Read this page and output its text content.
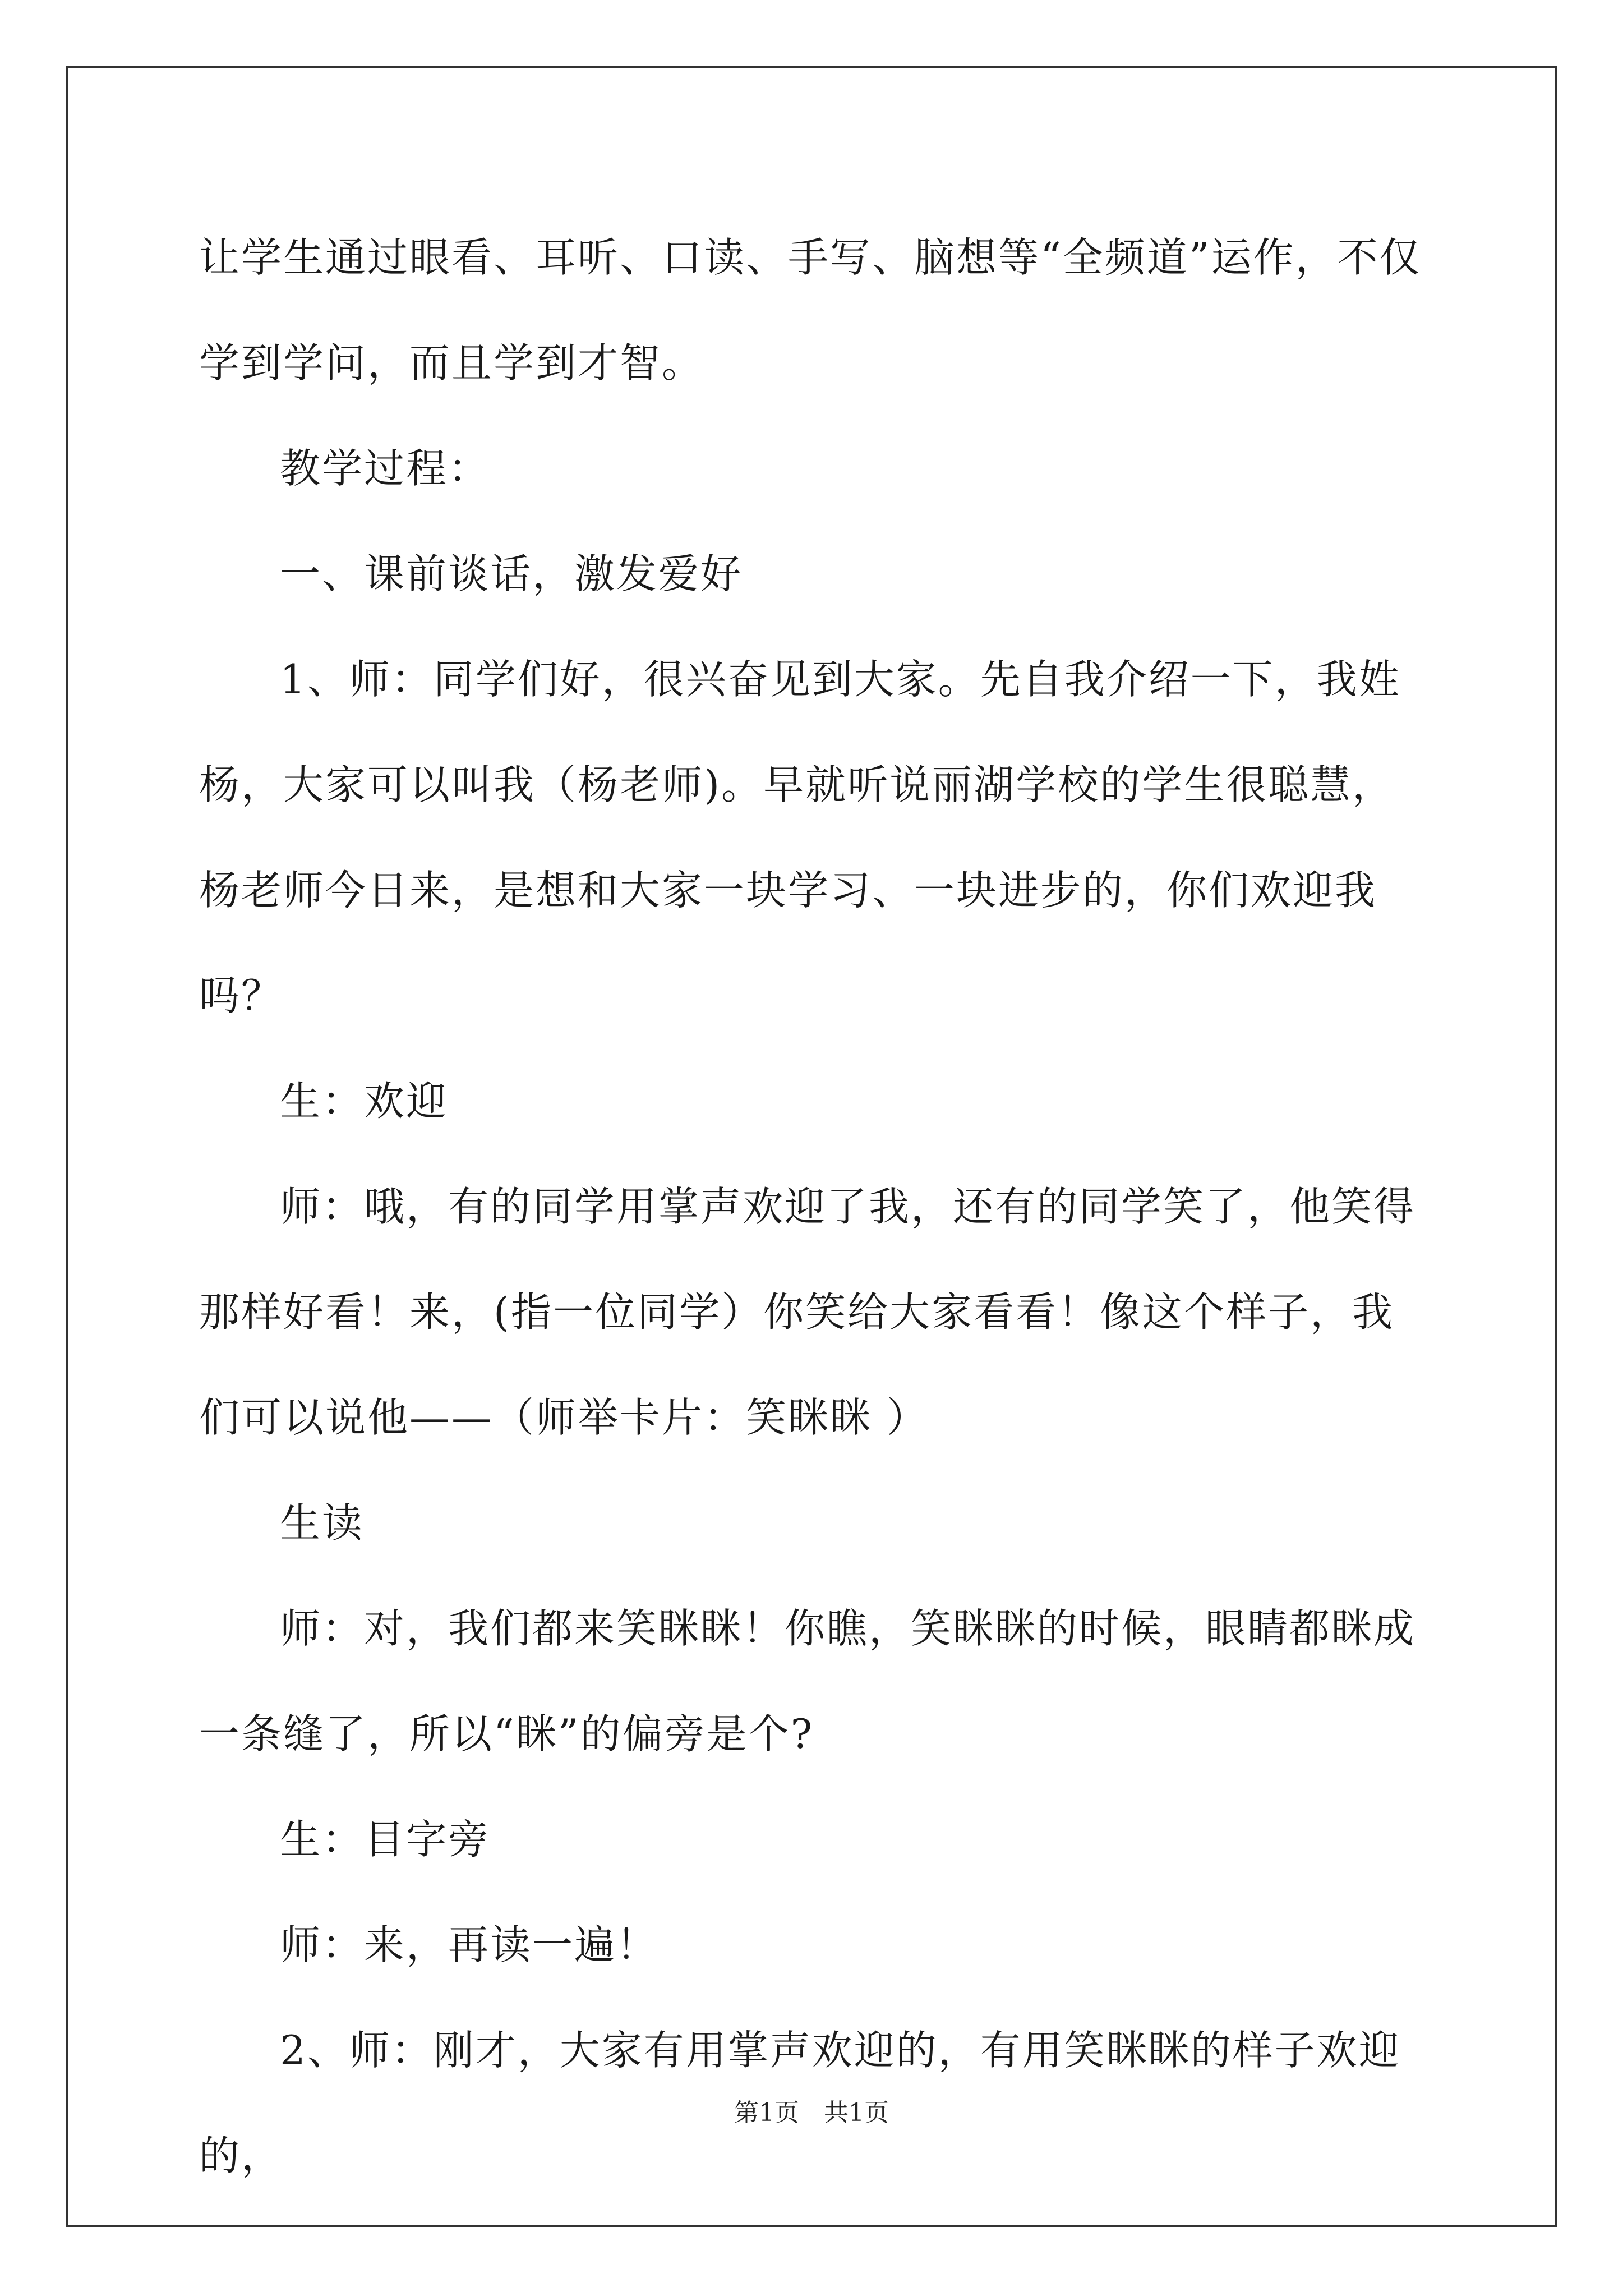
让学生通过眼看、耳听、口读、手写、脑想等“全频道”运作，不仅学到学问，而且学到才智。

教学过程：

一、课前谈话，激发爱好

1、师：同学们好，很兴奋见到大家。先自我介绍一下，我姓杨，大家可以叫我（杨老师)。早就听说丽湖学校的学生很聪慧，杨老师今日来，是想和大家一块学习、一块进步的，你们欢迎我吗？

生：欢迎

师：哦，有的同学用掌声欢迎了我，还有的同学笑了，他笑得那样好看！来，(指一位同学）你笑给大家看看！像这个样子，我们可以说他——（师举卡片：笑眯眯 ）

生读

师：对，我们都来笑眯眯！你瞧，笑眯眯的时候，眼睛都眯成一条缝了，所以“眯”的偏旁是个?

生：目字旁

师：来，再读一遍！

2、师：刚才，大家有用掌声欢迎的，有用笑眯眯的样子欢迎的，

第1页　共1页
